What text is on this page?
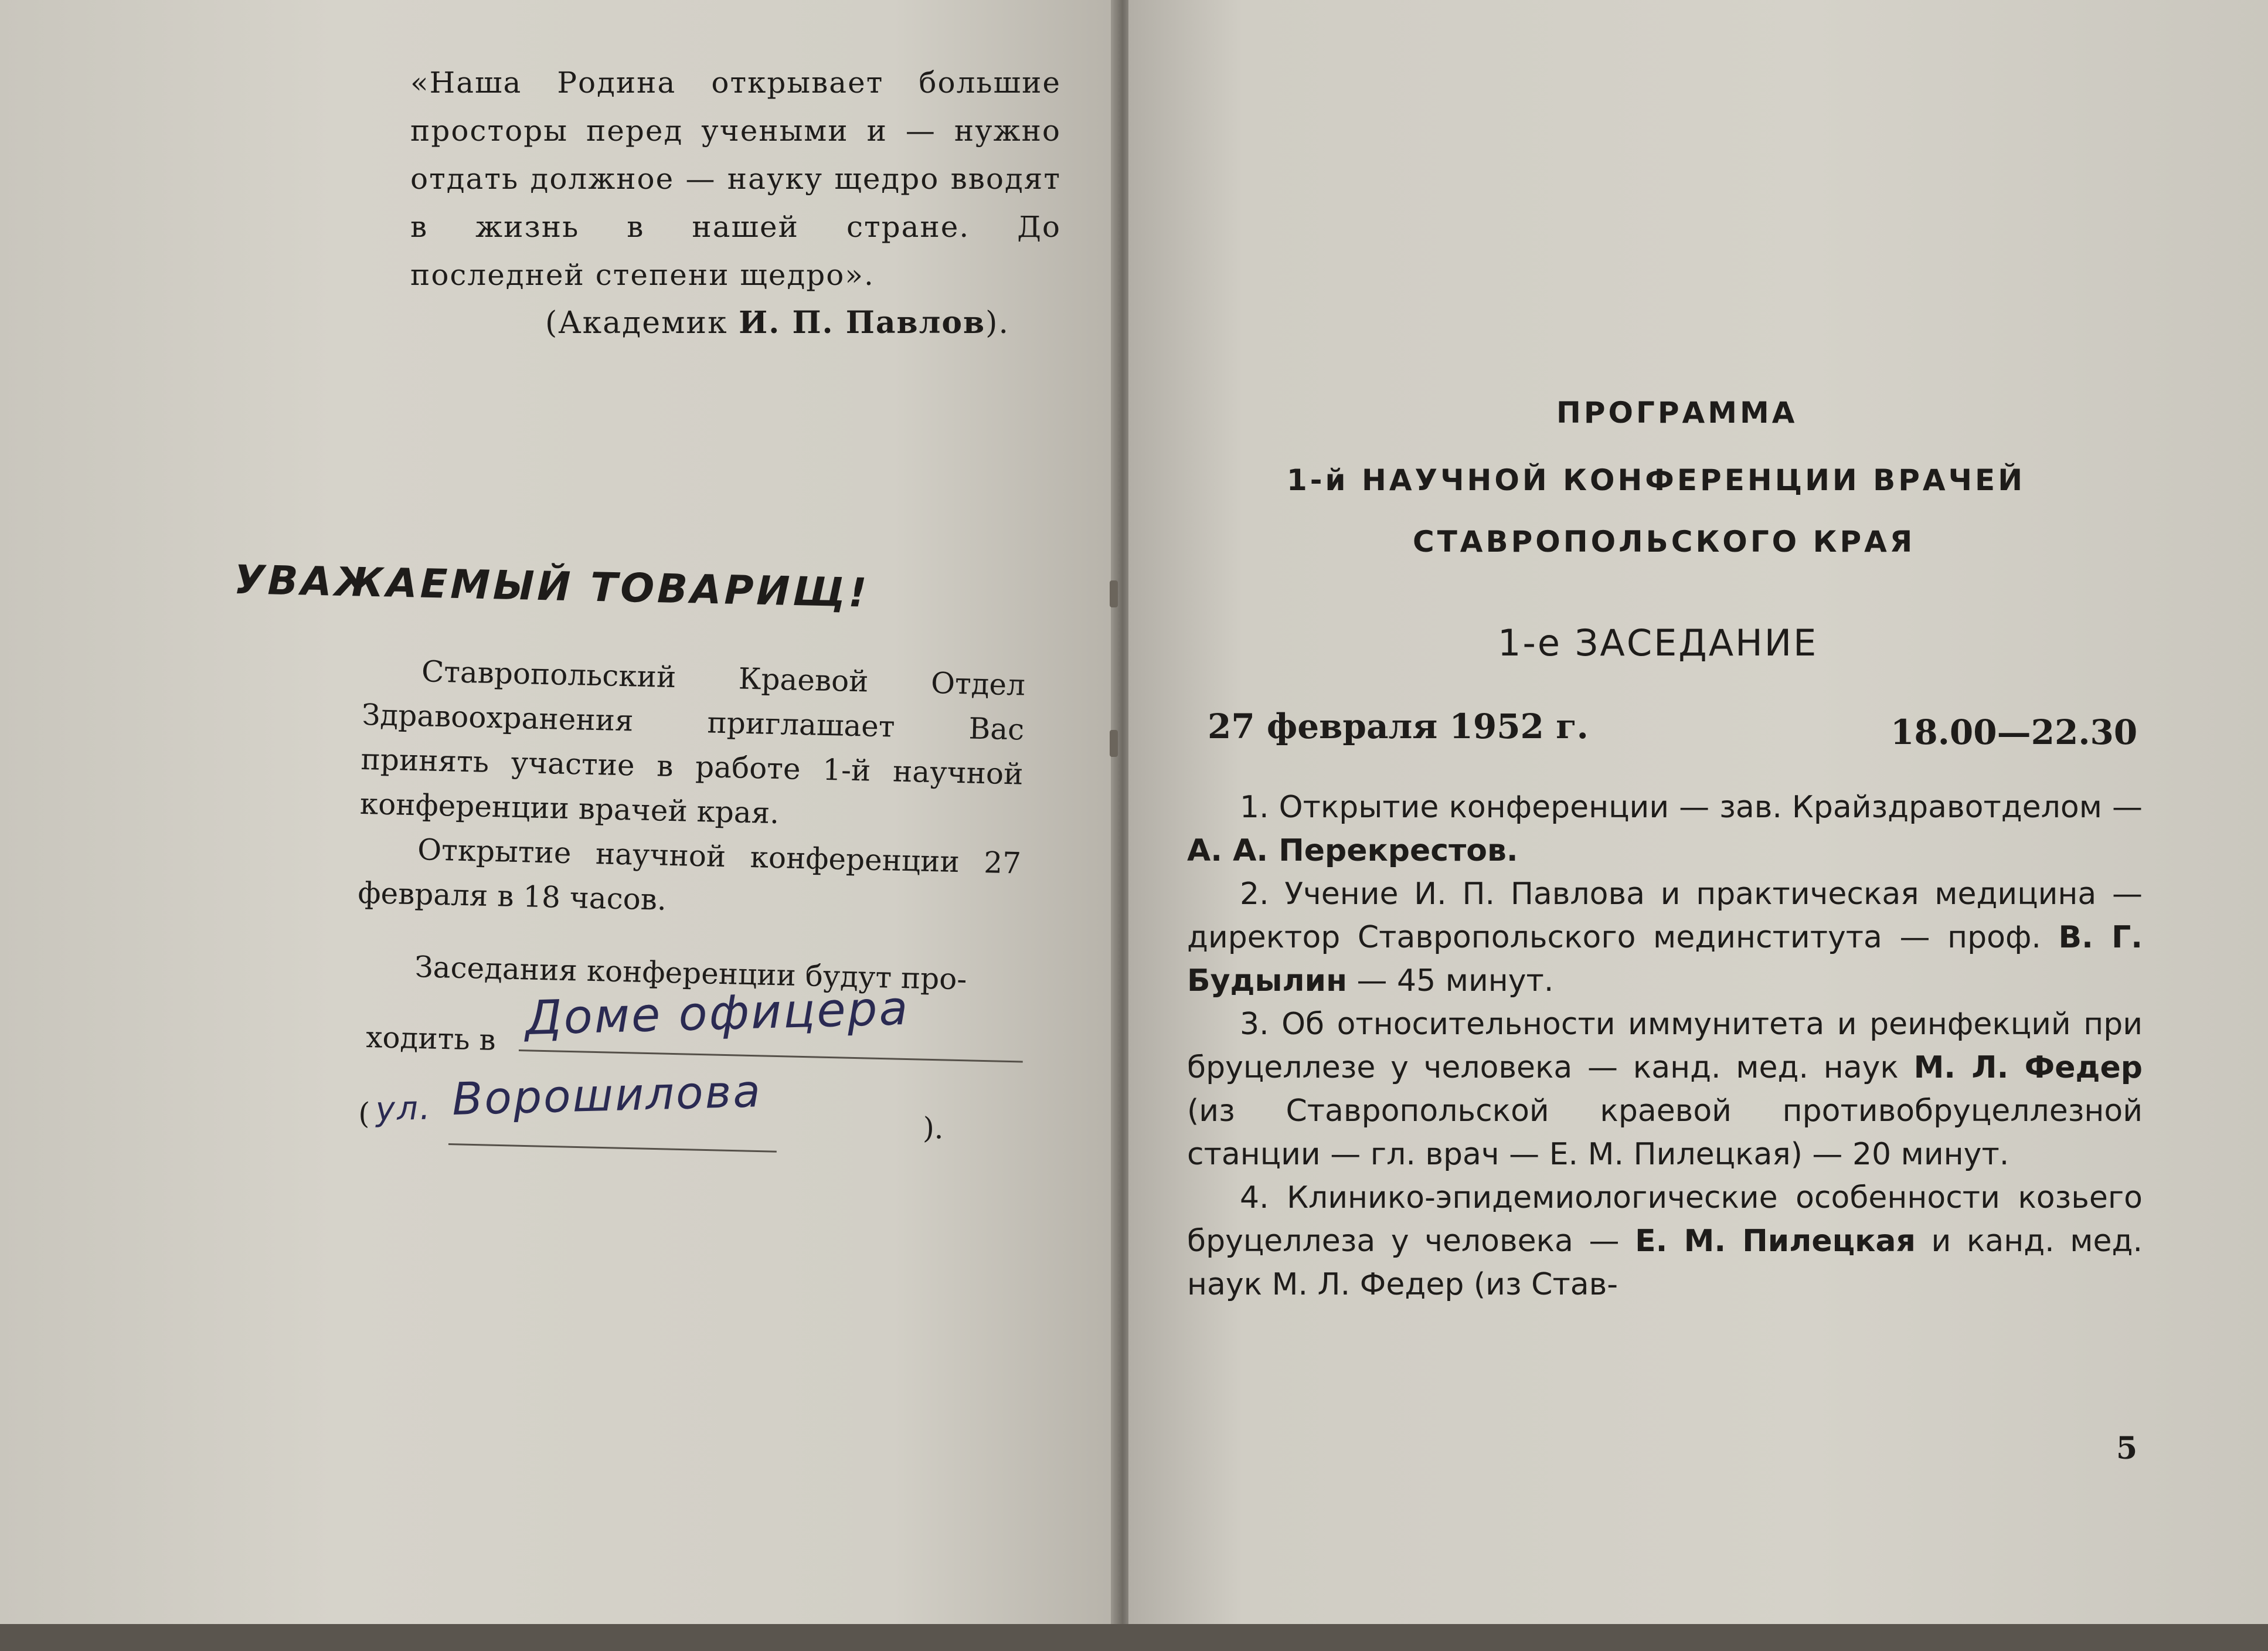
«Наша Родина открывает большие просторы перед учеными и — нужно отдать должное — науку щедро вводят в жизнь в нашей стране. До последней степени щедро».
(Академик И. П. Павлов).
УВАЖАЕМЫЙ ТОВАРИЩ!

Ставропольский Краевой Отдел Здравоохранения приглашает Вас принять участие в работе 1-й научной конференции врачей края.

Открытие научной конференции 27 февраля в 18 часов.

Заседания конференции будут про-

ходить в Доме офицера
( ул. Ворошилова
).
ПРОГРАММА
1-й НАУЧНОЙ КОНФЕРЕНЦИИ ВРАЧЕЙ
СТАВРОПОЛЬСКОГО КРАЯ
1-е ЗАСЕДАНИЕ
27 февраля 1952 г.	18.00—22.30
1. Открытие конференции — зав. Крайздравотделом — А. А. Перекрестов.
2. Учение И. П. Павлова и практическая медицина — директор Ставропольского мединститута — проф. В. Г. Будылин — 45 минут.
3. Об относительности иммунитета и реинфекций при бруцеллезе у человека — канд. мед. наук М. Л. Федер (из Ставропольской краевой противобруцеллезной станции — гл. врач — Е. М. Пилецкая) — 20 минут.
4. Клинико-эпидемиологические особенности козьего бруцеллеза у человека — Е. М. Пилецкая и канд. мед. наук М. Л. Федер (из Став-
5
